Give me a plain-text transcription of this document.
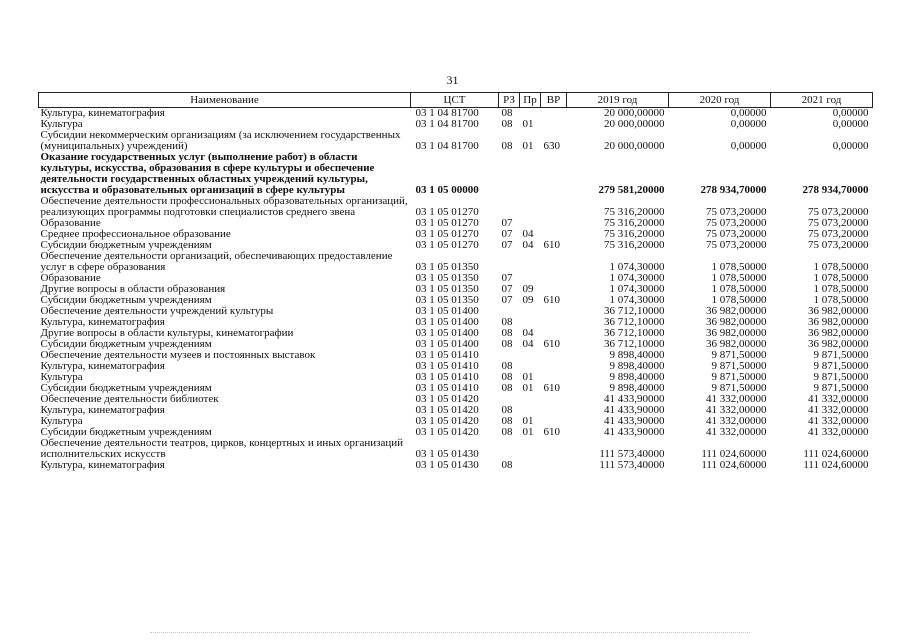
31
Наименование	ЦСТ	РЗ	Пр	ВР	2019 год	2020 год	2021 год
Культура, кинематография	03 1 04 81700	08			20 000,00000	0,00000	0,00000
Культура	03 1 04 81700	08	01		20 000,00000	0,00000	0,00000
Субсидии некоммерческим организациям (за исключением государственных (муниципальных) учреждений)	03 1 04 81700	08	01	630	20 000,00000	0,00000	0,00000
Оказание государственных услуг (выполнение работ) в области культуры, искусства, образования в сфере культуры и обеспечение деятельности государственных областных учреждений культуры, искусства и образовательных организаций в сфере культуры	03 1 05 00000				279 581,20000	278 934,70000	278 934,70000
Обеспечение деятельности профессиональных образовательных организаций, реализующих программы подготовки специалистов среднего звена	03 1 05 01270				75 316,20000	75 073,20000	75 073,20000
Образование	03 1 05 01270	07			75 316,20000	75 073,20000	75 073,20000
Среднее профессиональное образование	03 1 05 01270	07	04		75 316,20000	75 073,20000	75 073,20000
Субсидии бюджетным учреждениям	03 1 05 01270	07	04	610	75 316,20000	75 073,20000	75 073,20000
Обеспечение деятельности организаций, обеспечивающих предоставление услуг в сфере образования	03 1 05 01350				1 074,30000	1 078,50000	1 078,50000
Образование	03 1 05 01350	07			1 074,30000	1 078,50000	1 078,50000
Другие вопросы в области образования	03 1 05 01350	07	09		1 074,30000	1 078,50000	1 078,50000
Субсидии бюджетным учреждениям	03 1 05 01350	07	09	610	1 074,30000	1 078,50000	1 078,50000
Обеспечение деятельности учреждений культуры	03 1 05 01400				36 712,10000	36 982,00000	36 982,00000
Культура, кинематография	03 1 05 01400	08			36 712,10000	36 982,00000	36 982,00000
Другие вопросы в области культуры, кинематографии	03 1 05 01400	08	04		36 712,10000	36 982,00000	36 982,00000
Субсидии бюджетным учреждениям	03 1 05 01400	08	04	610	36 712,10000	36 982,00000	36 982,00000
Обеспечение деятельности музеев и постоянных выставок	03 1 05 01410				9 898,40000	9 871,50000	9 871,50000
Культура, кинематография	03 1 05 01410	08			9 898,40000	9 871,50000	9 871,50000
Культура	03 1 05 01410	08	01		9 898,40000	9 871,50000	9 871,50000
Субсидии бюджетным учреждениям	03 1 05 01410	08	01	610	9 898,40000	9 871,50000	9 871,50000
Обеспечение деятельности библиотек	03 1 05 01420				41 433,90000	41 332,00000	41 332,00000
Культура, кинематография	03 1 05 01420	08			41 433,90000	41 332,00000	41 332,00000
Культура	03 1 05 01420	08	01		41 433,90000	41 332,00000	41 332,00000
Субсидии бюджетным учреждениям	03 1 05 01420	08	01	610	41 433,90000	41 332,00000	41 332,00000
Обеспечение деятельности театров, цирков, концертных и иных организаций исполнительских искусств	03 1 05 01430				111 573,40000	111 024,60000	111 024,60000
Культура, кинематография	03 1 05 01430	08			111 573,40000	111 024,60000	111 024,60000
